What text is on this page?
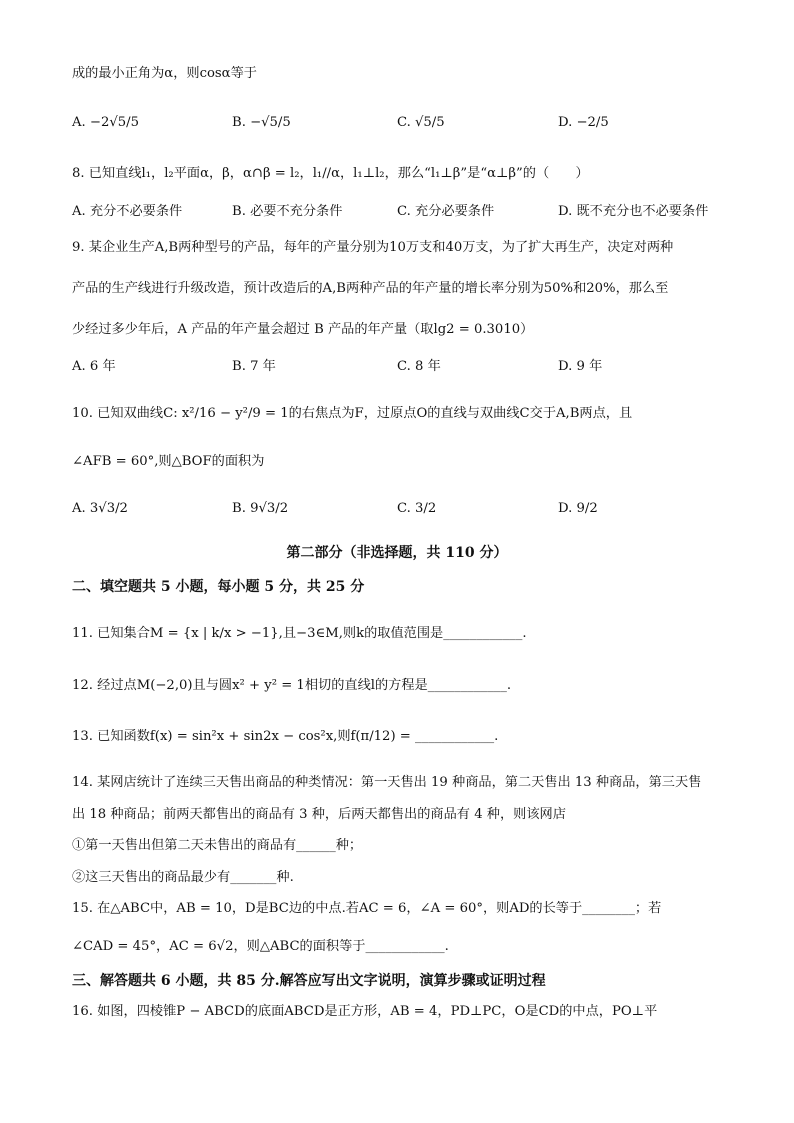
成的最小正角为α，则cosα等于
A. −2√5/5	B. −√5/5	C. √5/5	D. −2/5
8. 已知直线l₁，l₂平面α，β，α∩β = l₂，l₁//α，l₁⊥l₂，那么“l₁⊥β”是“α⊥β”的（　　）
A. 充分不必要条件	B. 必要不充分条件	C. 充分必要条件	D. 既不充分也不必要条件
9. 某企业生产A,B两种型号的产品，每年的产量分别为10万支和40万支，为了扩大再生产，决定对两种
产品的生产线进行升级改造，预计改造后的A,B两种产品的年产量的增长率分别为50%和20%，那么至
少经过多少年后，A 产品的年产量会超过 B 产品的年产量（取lg2 = 0.3010）
A. 6 年	B. 7 年	C. 8 年	D. 9 年
10. 已知双曲线C: x²/16 − y²/9 = 1的右焦点为F，过原点O的直线与双曲线C交于A,B两点，且
∠AFB = 60°,则△BOF的面积为
A. 3√3/2	B. 9√3/2	C. 3/2	D. 9/2
第二部分（非选择题，共 110 分）
二、填空题共 5 小题，每小题 5 分，共 25 分
11. 已知集合M = {x | k/x > −1},且−3∈M,则k的取值范围是____________.
12. 经过点M(−2,0)且与圆x² + y² = 1相切的直线l的方程是____________.
13. 已知函数f(x) = sin²x + sin2x − cos²x,则f(π/12) = ____________.
14. 某网店统计了连续三天售出商品的种类情况：第一天售出 19 种商品，第二天售出 13 种商品，第三天售
出 18 种商品；前两天都售出的商品有 3 种，后两天都售出的商品有 4 种，则该网店
①第一天售出但第二天未售出的商品有______种；
②这三天售出的商品最少有_______种.
15. 在△ABC中，AB = 10，D是BC边的中点.若AC = 6，∠A = 60°，则AD的长等于________；若
∠CAD = 45°，AC = 6√2，则△ABC的面积等于____________.
三、解答题共 6 小题，共 85 分.解答应写出文字说明，演算步骤或证明过程
16. 如图，四棱锥P − ABCD的底面ABCD是正方形，AB = 4，PD⊥PC，O是CD的中点，PO⊥平
